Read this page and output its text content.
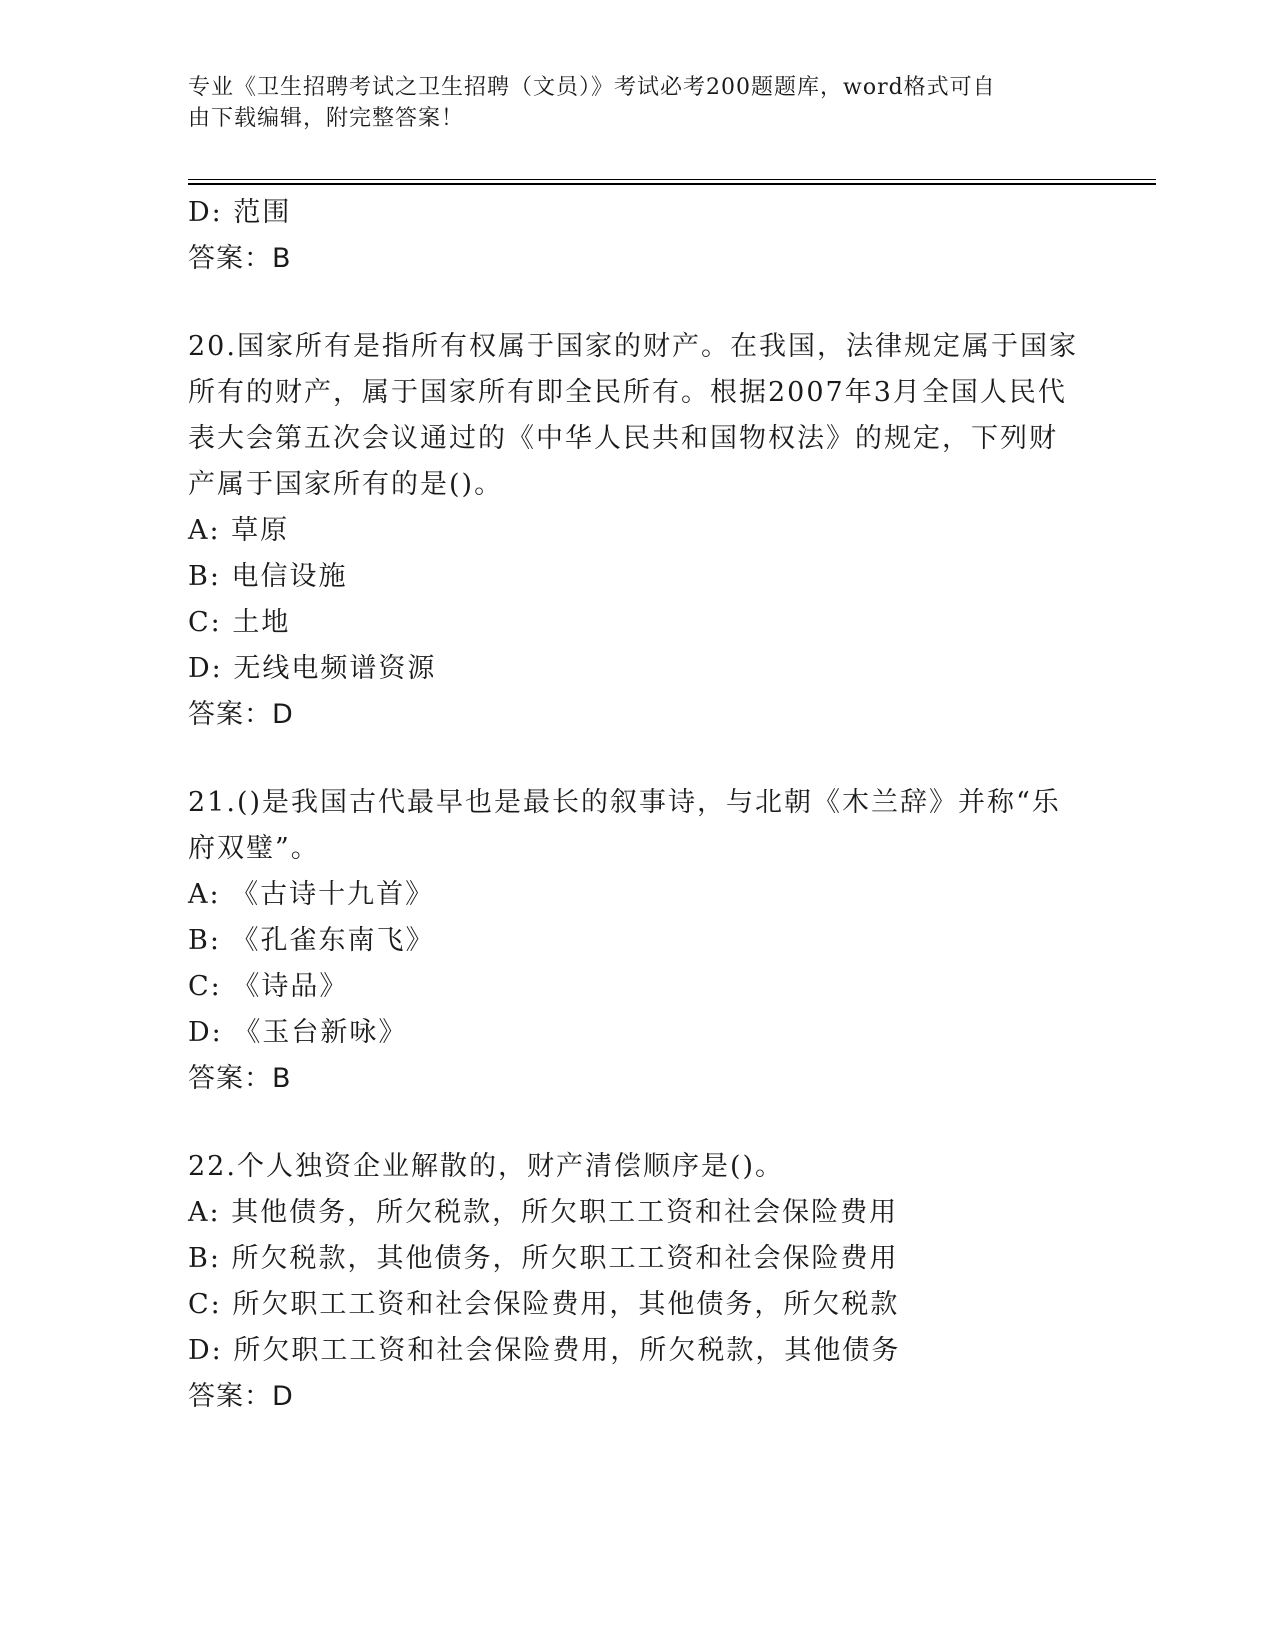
专业《卫生招聘考试之卫生招聘（文员）》考试必考200题题库，word格式可自
由下载编辑，附完整答案！
D: 范围
答案：B
20.国家所有是指所有权属于国家的财产。在我国，法律规定属于国家
所有的财产，属于国家所有即全民所有。根据2007年3月全国人民代
表大会第五次会议通过的《中华人民共和国物权法》的规定，下列财
产属于国家所有的是()。
A: 草原
B: 电信设施
C: 土地
D: 无线电频谱资源
答案：D
21.()是我国古代最早也是最长的叙事诗，与北朝《木兰辞》并称“乐
府双璧”。
A: 《古诗十九首》
B: 《孔雀东南飞》
C: 《诗品》
D: 《玉台新咏》
答案：B
22.个人独资企业解散的，财产清偿顺序是()。
A: 其他债务，所欠税款，所欠职工工资和社会保险费用
B: 所欠税款，其他债务，所欠职工工资和社会保险费用
C: 所欠职工工资和社会保险费用，其他债务，所欠税款
D: 所欠职工工资和社会保险费用，所欠税款，其他债务
答案：D
